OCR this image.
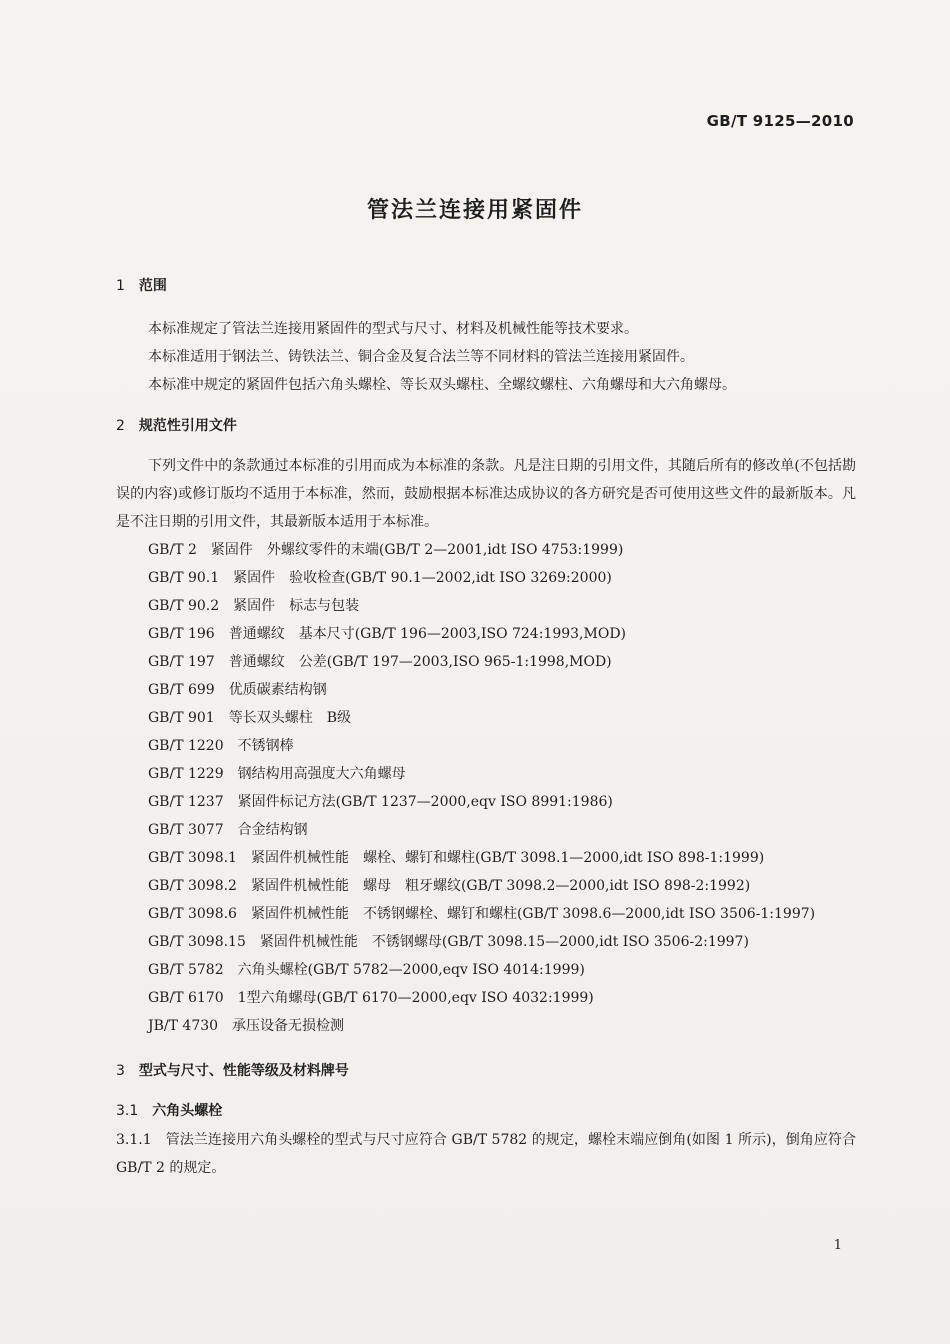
GB/T 9125—2010
管法兰连接用紧固件
1 范围
本标准规定了管法兰连接用紧固件的型式与尺寸、材料及机械性能等技术要求。
本标准适用于钢法兰、铸铁法兰、铜合金及复合法兰等不同材料的管法兰连接用紧固件。
本标准中规定的紧固件包括六角头螺栓、等长双头螺柱、全螺纹螺柱、六角螺母和大六角螺母。
2 规范性引用文件
下列文件中的条款通过本标准的引用而成为本标准的条款。凡是注日期的引用文件，其随后所有的修改单(不包括勘误的内容)或修订版均不适用于本标准，然而，鼓励根据本标准达成协议的各方研究是否可使用这些文件的最新版本。凡是不注日期的引用文件，其最新版本适用于本标准。
GB/T 2 紧固件　外螺纹零件的末端(GB/T 2—2001,idt ISO 4753:1999)
GB/T 90.1 紧固件　验收检查(GB/T 90.1—2002,idt ISO 3269:2000)
GB/T 90.2 紧固件　标志与包装
GB/T 196 普通螺纹　基本尺寸(GB/T 196—2003,ISO 724:1993,MOD)
GB/T 197 普通螺纹　公差(GB/T 197—2003,ISO 965-1:1998,MOD)
GB/T 699 优质碳素结构钢
GB/T 901 等长双头螺柱　B级
GB/T 1220 不锈钢棒
GB/T 1229 钢结构用高强度大六角螺母
GB/T 1237 紧固件标记方法(GB/T 1237—2000,eqv ISO 8991:1986)
GB/T 3077 合金结构钢
GB/T 3098.1 紧固件机械性能　螺栓、螺钉和螺柱(GB/T 3098.1—2000,idt ISO 898-1:1999)
GB/T 3098.2 紧固件机械性能　螺母　粗牙螺纹(GB/T 3098.2—2000,idt ISO 898-2:1992)
GB/T 3098.6 紧固件机械性能　不锈钢螺栓、螺钉和螺柱(GB/T 3098.6—2000,idt ISO 3506-1:1997)
GB/T 3098.15 紧固件机械性能　不锈钢螺母(GB/T 3098.15—2000,idt ISO 3506-2:1997)
GB/T 5782 六角头螺栓(GB/T 5782—2000,eqv ISO 4014:1999)
GB/T 6170 1型六角螺母(GB/T 6170—2000,eqv ISO 4032:1999)
JB/T 4730 承压设备无损检测
3 型式与尺寸、性能等级及材料牌号
3.1 六角头螺栓
3.1.1 管法兰连接用六角头螺栓的型式与尺寸应符合 GB/T 5782 的规定，螺栓末端应倒角(如图 1 所示)，倒角应符合 GB/T 2 的规定。
1
